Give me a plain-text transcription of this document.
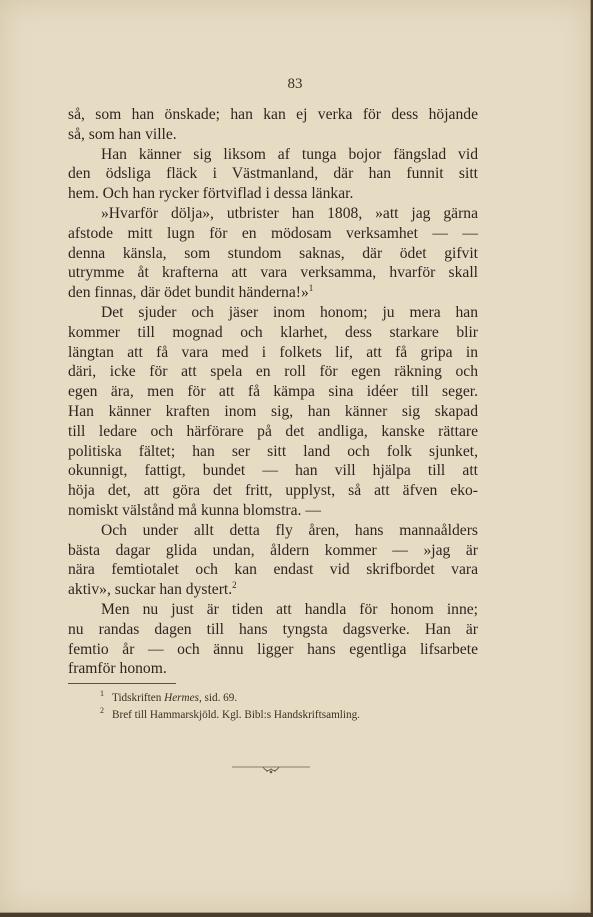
83

så, som han önskade; han kan ej verka för dess höjande

så, som han ville.

Han känner sig liksom af tunga bojor fängslad vid

den ödsliga fläck i Västmanland, där han funnit sitt

hem. Och han rycker förtviflad i dessa länkar.

»Hvarför dölja», utbrister han 1808, »att jag gärna

afstode mitt lugn för en mödosam verksamhet — —

denna känsla, som stundom saknas, där ödet gifvit

utrymme åt krafterna att vara verksamma, hvarför skall

den finnas, där ödet bundit händerna!»$^1$

Det sjuder och jäser inom honom; ju mera han

kommer till mognad och klarhet, dess starkare blir

längtan att få vara med i folkets lif, att få gripa in

däri, icke för att spela en roll för egen räkning och

egen ära, men för att få kämpa sina idéer till seger.

Han känner kraften inom sig, han känner sig skapad

till ledare och härförare på det andliga, kanske rättare

politiska fältet; han ser sitt land och folk sjunket,

okunnigt, fattigt, bundet — han vill hjälpa till att

höja det, att göra det fritt, upplyst, så att äfven eko-

nomiskt välstånd må kunna blomstra. —

Och under allt detta fly åren, hans mannaålders

bästa dagar glida undan, åldern kommer — »jag är

nära femtiotalet och kan endast vid skrifbordet vara

aktiv», suckar han dystert.$^2$

Men nu just är tiden att handla för honom inne;

nu randas dagen till hans tyngsta dagsverke. Han är

femtio år — och ännu ligger hans egentliga lifsarbete

framför honom.

1 Tidskriften Hermes, sid. 69.
2 Bref till Hammarskjöld. Kgl. Bibl:s Handskriftsamling.
